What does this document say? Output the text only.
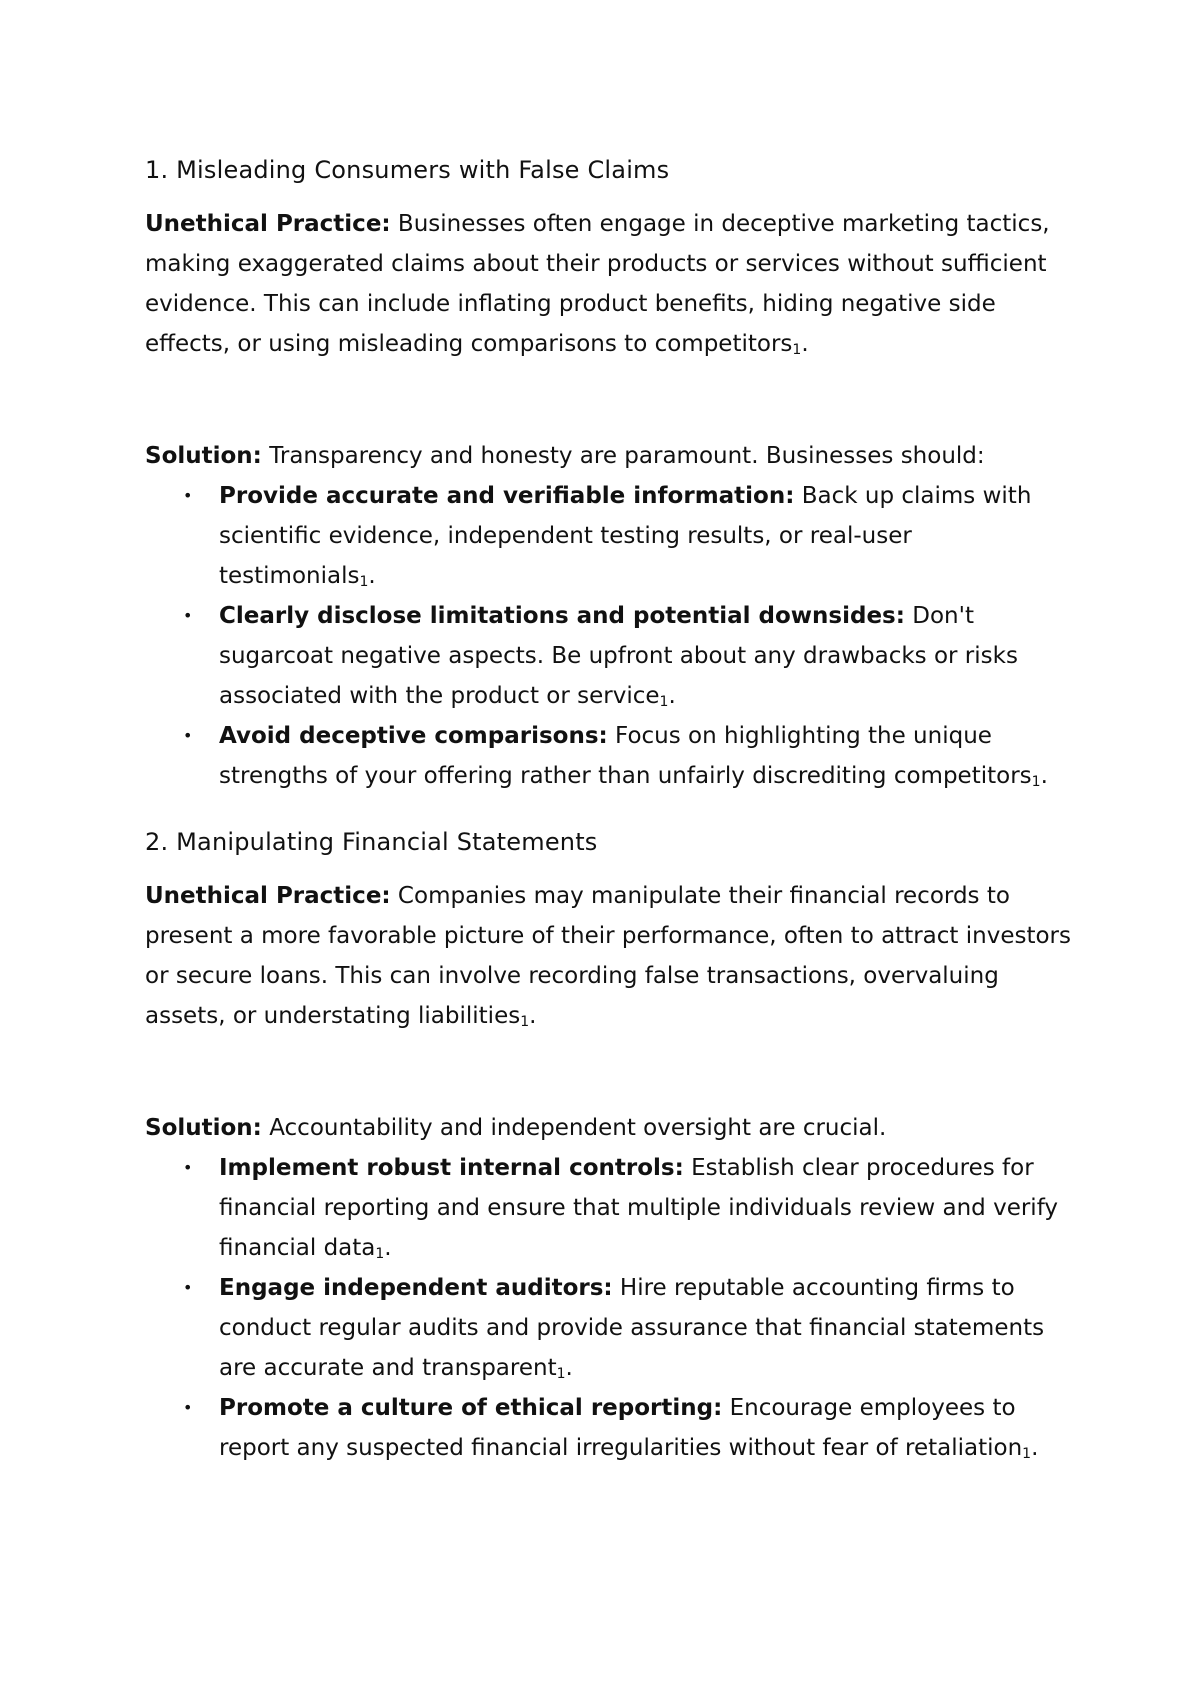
1. Misleading Consumers with False Claims

Unethical Practice: Businesses often engage in deceptive marketing tactics, making exaggerated claims about their products or services without sufficient evidence. This can include inflating product benefits, hiding negative side effects, or using misleading comparisons to competitors$_1$.

Solution: Transparency and honesty are paramount. Businesses should:

• Provide accurate and verifiable information: Back up claims with scientific evidence, independent testing results, or real-user testimonials$_1$.
• Clearly disclose limitations and potential downsides: Don't sugarcoat negative aspects. Be upfront about any drawbacks or risks associated with the product or service$_1$.
• Avoid deceptive comparisons: Focus on highlighting the unique strengths of your offering rather than unfairly discrediting competitors$_1$.
2. Manipulating Financial Statements

Unethical Practice: Companies may manipulate their financial records to present a more favorable picture of their performance, often to attract investors or secure loans. This can involve recording false transactions, overvaluing assets, or understating liabilities$_1$.

Solution: Accountability and independent oversight are crucial.

• Implement robust internal controls: Establish clear procedures for financial reporting and ensure that multiple individuals review and verify financial data$_1$.
• Engage independent auditors: Hire reputable accounting firms to conduct regular audits and provide assurance that financial statements are accurate and transparent$_1$.
• Promote a culture of ethical reporting: Encourage employees to report any suspected financial irregularities without fear of retaliation$_1$.
